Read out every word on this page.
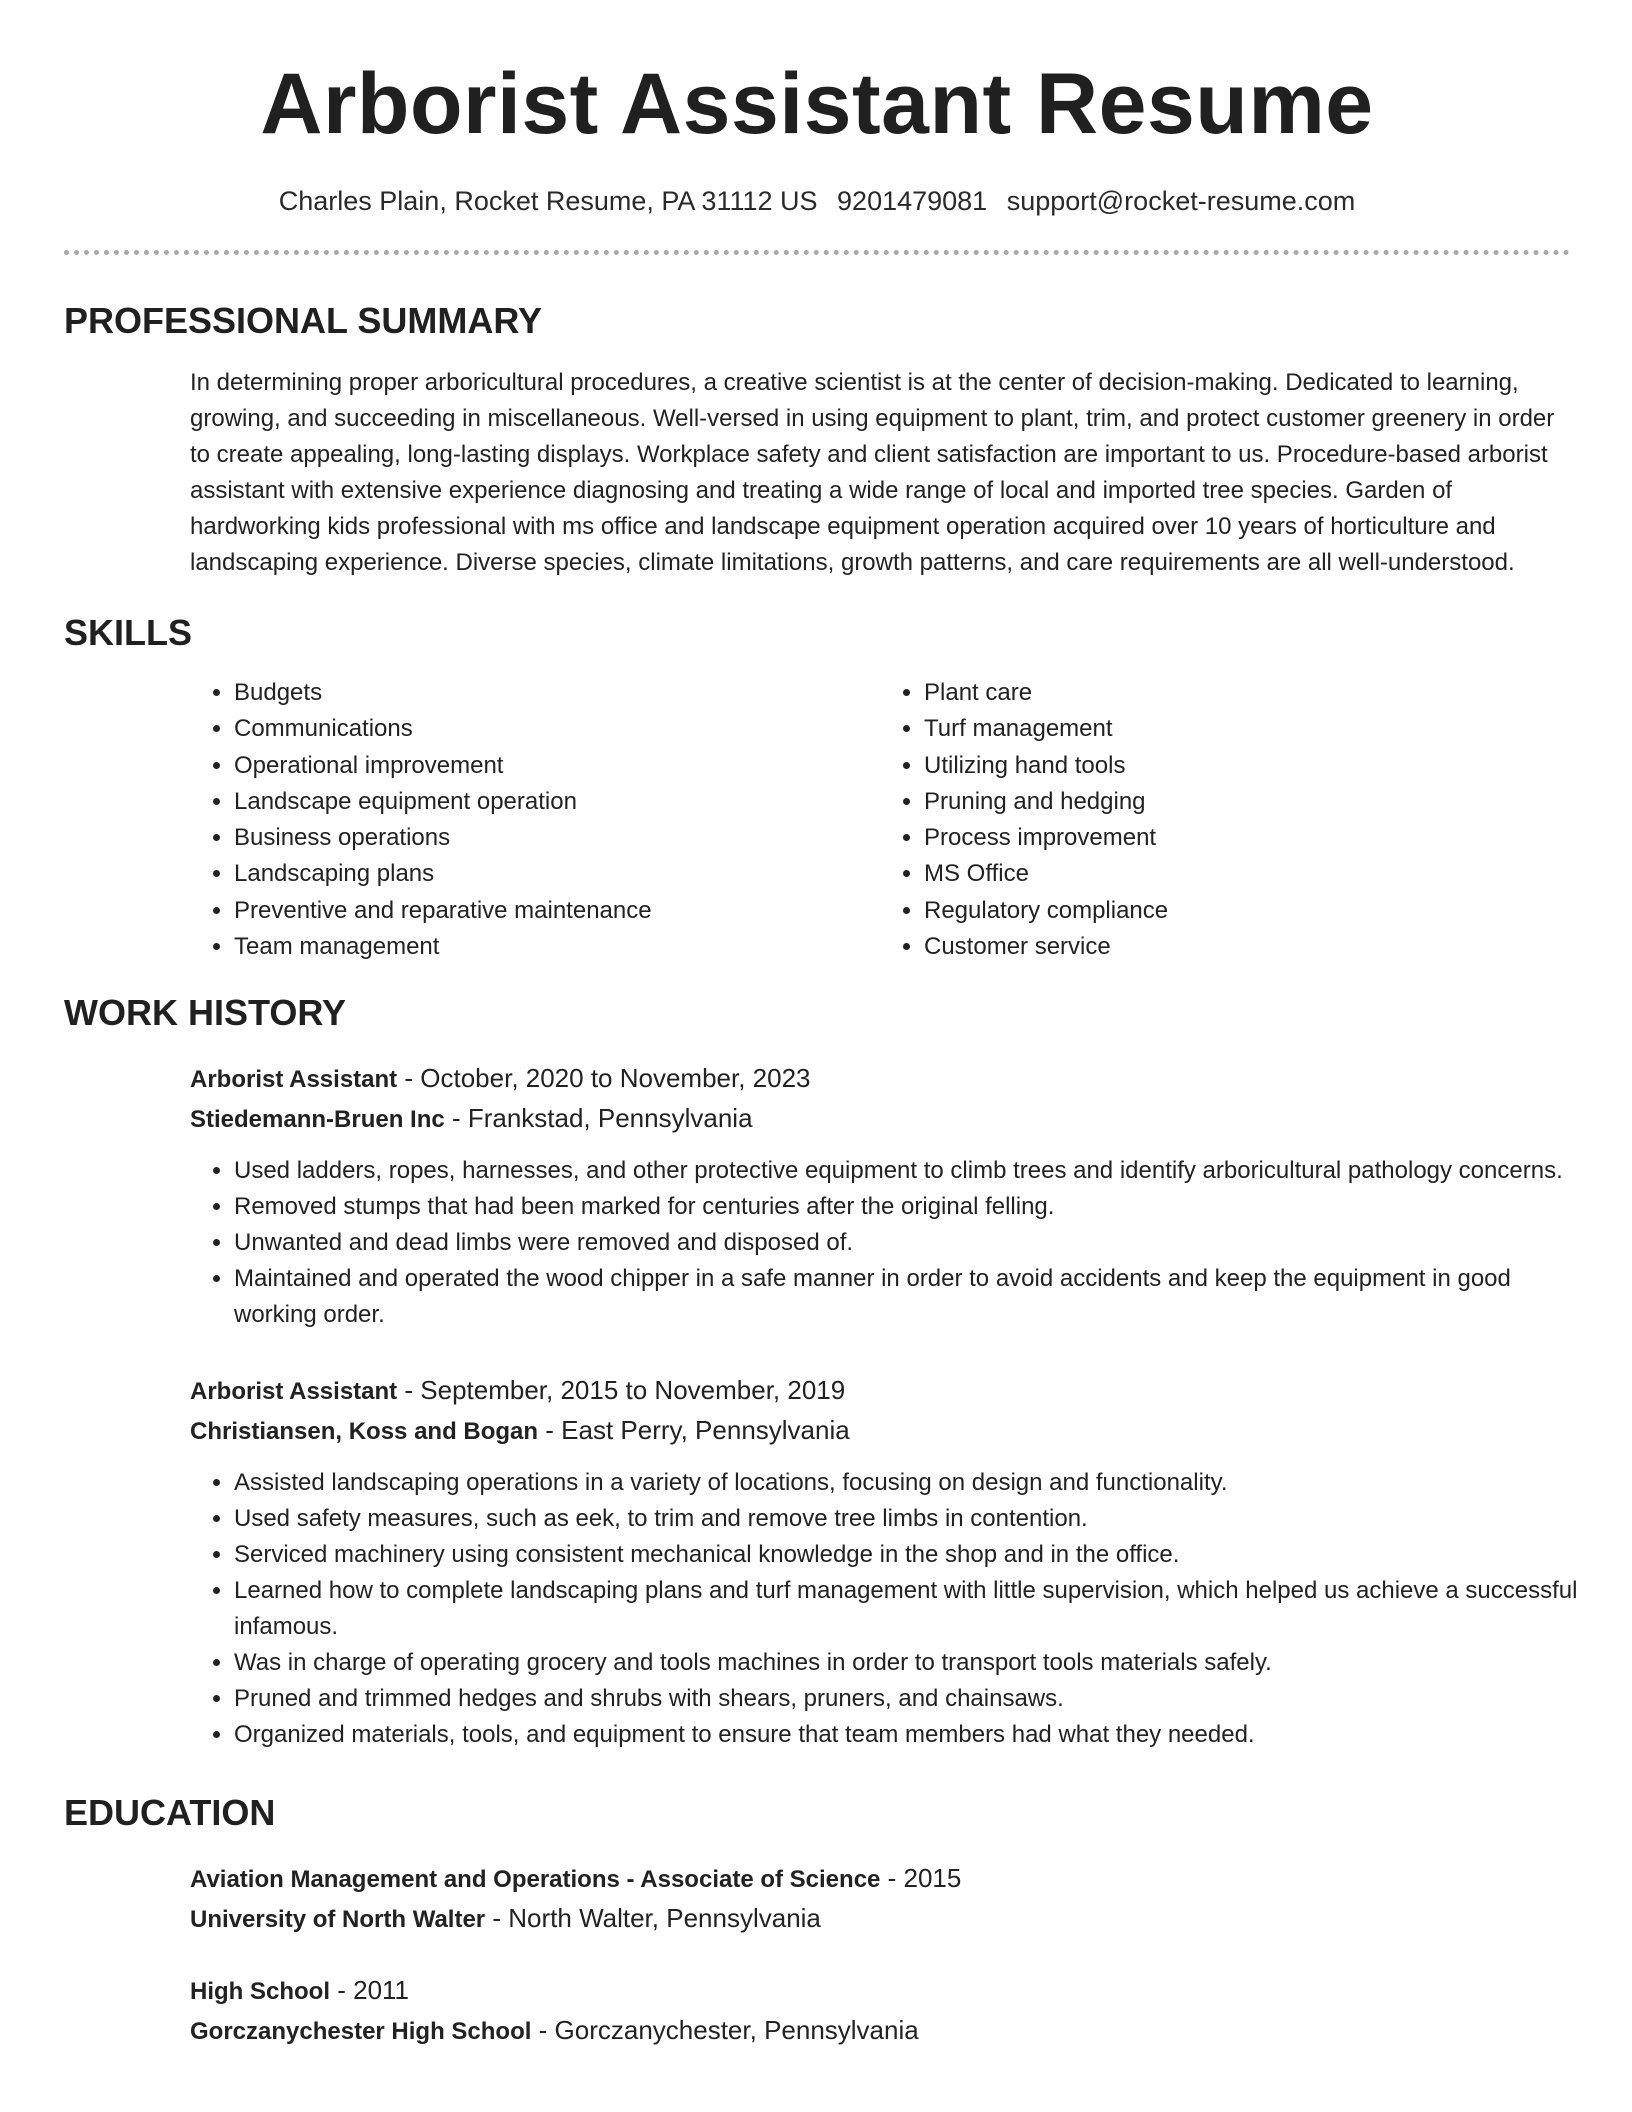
Arborist Assistant Resume
Charles Plain, Rocket Resume, PA 31112 US 9201479081 support@rocket-resume.com
PROFESSIONAL SUMMARY

In determining proper arboricultural procedures, a creative scientist is at the center of decision-making. Dedicated to learning, growing, and succeeding in miscellaneous. Well-versed in using equipment to plant, trim, and protect customer greenery in order to create appealing, long-lasting displays. Workplace safety and client satisfaction are important to us. Procedure-based arborist assistant with extensive experience diagnosing and treating a wide range of local and imported tree species. Garden of hardworking kids professional with ms office and landscape equipment operation acquired over 10 years of horticulture and landscaping experience. Diverse species, climate limitations, growth patterns, and care requirements are all well-understood.

SKILLS
• Budgets
• Communications
• Operational improvement
• Landscape equipment operation
• Business operations
• Landscaping plans
• Preventive and reparative maintenance
• Team management
• Plant care
• Turf management
• Utilizing hand tools
• Pruning and hedging
• Process improvement
• MS Office
• Regulatory compliance
• Customer service
WORK HISTORY
Arborist Assistant - October, 2020 to November, 2023
Stiedemann-Bruen Inc - Frankstad, Pennsylvania
• Used ladders, ropes, harnesses, and other protective equipment to climb trees and identify arboricultural pathology concerns.
• Removed stumps that had been marked for centuries after the original felling.
• Unwanted and dead limbs were removed and disposed of.
• Maintained and operated the wood chipper in a safe manner in order to avoid accidents and keep the equipment in good working order.
Arborist Assistant - September, 2015 to November, 2019
Christiansen, Koss and Bogan - East Perry, Pennsylvania
• Assisted landscaping operations in a variety of locations, focusing on design and functionality.
• Used safety measures, such as eek, to trim and remove tree limbs in contention.
• Serviced machinery using consistent mechanical knowledge in the shop and in the office.
• Learned how to complete landscaping plans and turf management with little supervision, which helped us achieve a successful infamous.
• Was in charge of operating grocery and tools machines in order to transport tools materials safely.
• Pruned and trimmed hedges and shrubs with shears, pruners, and chainsaws.
• Organized materials, tools, and equipment to ensure that team members had what they needed.
EDUCATION
Aviation Management and Operations - Associate of Science - 2015
University of North Walter - North Walter, Pennsylvania
High School - 2011
Gorczanychester High School - Gorczanychester, Pennsylvania
